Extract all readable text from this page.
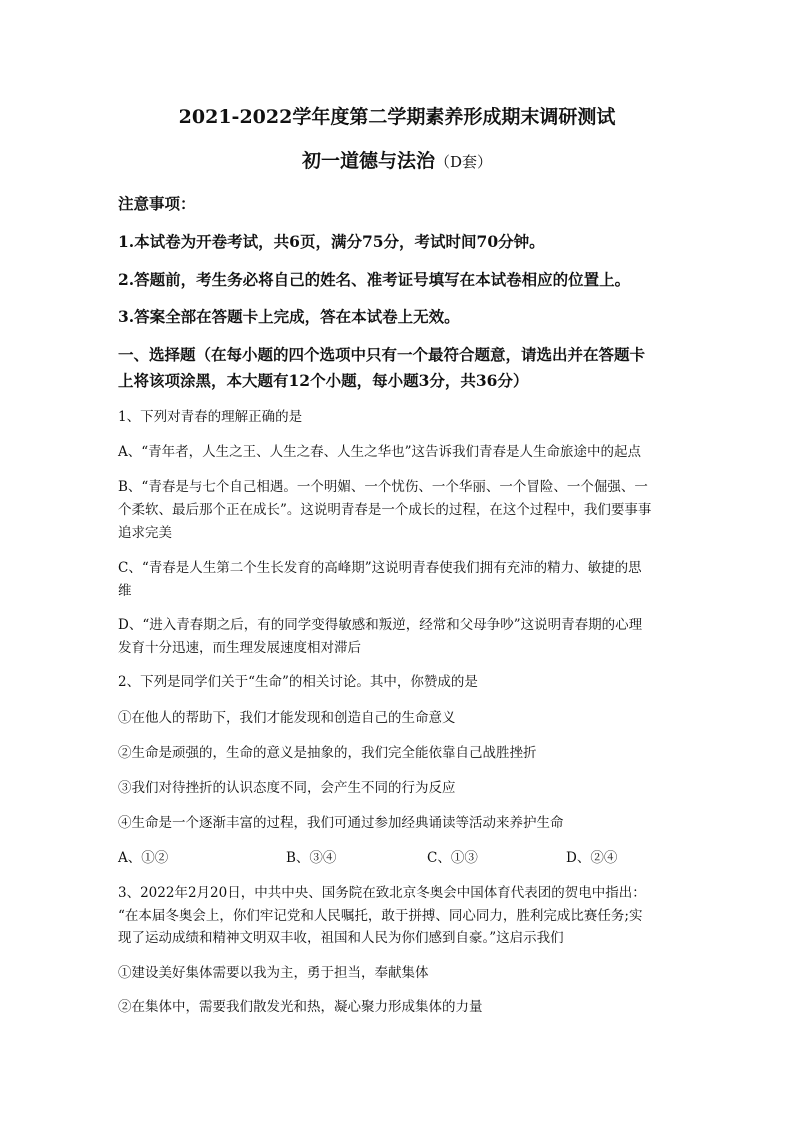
2021-2022学年度第二学期素养形成期末调研测试
初一道德与法治（D套）
注意事项：
1.本试卷为开卷考试，共6页，满分75分，考试时间70分钟。
2.答题前，考生务必将自己的姓名、准考证号填写在本试卷相应的位置上。
3.答案全部在答题卡上完成，答在本试卷上无效。
一、选择题（在每小题的四个选项中只有一个最符合题意，请选出并在答题卡
上将该项涂黑，本大题有12个小题，每小题3分，共36分）
1、下列对青春的理解正确的是
A、“青年者，人生之王、人生之春、人生之华也”这告诉我们青春是人生命旅途中的起点
B、“青春是与七个自己相遇。一个明媚、一个忧伤、一个华丽、一个冒险、一个倔强、一
个柔软、最后那个正在成长”。这说明青春是一个成长的过程，在这个过程中，我们要事事
追求完美
C、“青春是人生第二个生长发育的高峰期”这说明青春使我们拥有充沛的精力、敏捷的思
维
D、“进入青春期之后，有的同学变得敏感和叛逆，经常和父母争吵”这说明青春期的心理
发育十分迅速，而生理发展速度相对滞后
2、下列是同学们关于“生命”的相关讨论。其中，你赞成的是
①在他人的帮助下，我们才能发现和创造自己的生命意义
②生命是顽强的，生命的意义是抽象的，我们完全能依靠自己战胜挫折
③我们对待挫折的认识态度不同，会产生不同的行为反应
④生命是一个逐渐丰富的过程，我们可通过参加经典诵读等活动来养护生命
A、①②	B、③④	C、①③	D、②④
3、2022年2月20日，中共中央、国务院在致北京冬奥会中国体育代表团的贺电中指出：
“在本届冬奥会上，你们牢记党和人民嘱托，敢于拼搏、同心同力，胜利完成比赛任务;实
现了运动成绩和精神文明双丰收，祖国和人民为你们感到自豪。”这启示我们
①建设美好集体需要以我为主，勇于担当，奉献集体
②在集体中，需要我们散发光和热，凝心聚力形成集体的力量
